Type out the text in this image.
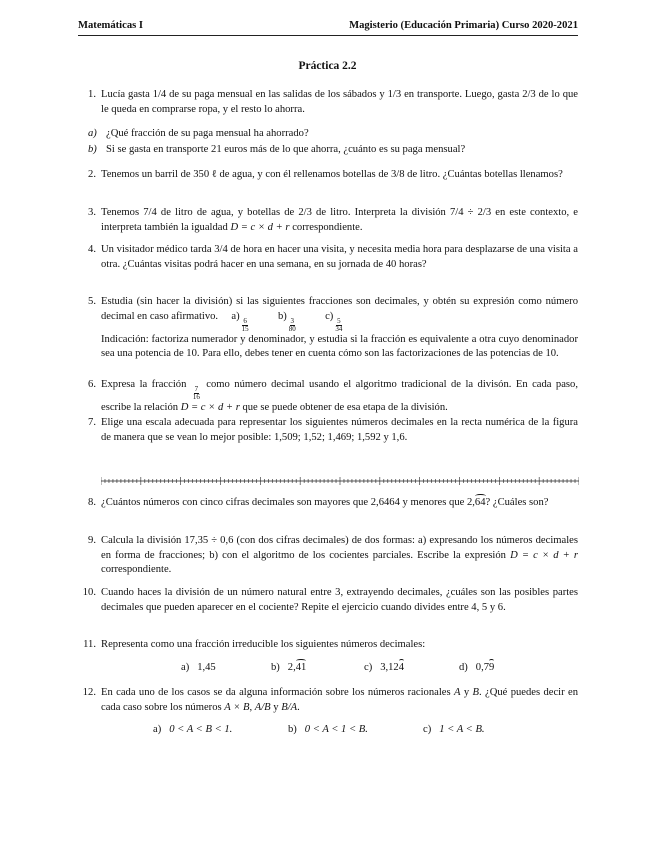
Matemáticas I	Magisterio (Educación Primaria) Curso 2020-2021
Práctica 2.2
1. Lucía gasta 1/4 de su paga mensual en las salidas de los sábados y 1/3 en transporte. Luego, gasta 2/3 de lo que le queda en comprarse ropa, y el resto lo ahorra.
a) ¿Qué fracción de su paga mensual ha ahorrado?
b) Si se gasta en transporte 21 euros más de lo que ahorra, ¿cuánto es su paga mensual?
2. Tenemos un barril de 350 ℓ de agua, y con él rellenamos botellas de 3/8 de litro. ¿Cuántas botellas llenamos?
3. Tenemos 7/4 de litro de agua, y botellas de 2/3 de litro. Interpreta la división 7/4 ÷ 2/3 en este contexto, e interpreta también la igualdad D = c × d + r correspondiente.
4. Un visitador médico tarda 3/4 de hora en hacer una visita, y necesita media hora para desplazarse de una visita a otra. ¿Cuántas visitas podrá hacer en una semana, en su jornada de 40 horas?
5. Estudia (sin hacer la división) si las siguientes fracciones son decimales, y obtén su expresión como número decimal en caso afirmativo. a)
$\frac{6}{15}$
b)
$\frac{3}{80}$
c)
$\frac{5}{34}$
Indicación: factoriza numerador y denominador, y estudia si la fracción es equivalente a otra cuyo denominador sea una potencia de 10. Para ello, debes tener en cuenta cómo son las factorizaciones de las potencias de 10.
6. Expresa la fracción
$\frac{7}{16}$
como número decimal usando el algoritmo tradicional de la divisón. En cada paso, escribe la relación D = c × d + r que se puede obtener de esa etapa de la división.
7. Elige una escala adecuada para representar los siguientes números decimales en la recta numérica de la figura de manera que se vean lo mejor posible: 1,509; 1,52; 1,469; 1,592 y 1,6.
8. ¿Cuántos números con cinco cifras decimales son mayores que 2,6464 y menores que 2,64? ¿Cuáles son?
9. Calcula la división 17,35 ÷ 0,6 (con dos cifras decimales) de dos formas: a) expresando los números decimales en forma de fracciones; b) con el algoritmo de los cocientes parciales. Escribe la expresión D = c × d + r correspondiente.
10. Cuando haces la división de un número natural entre 3, extrayendo decimales, ¿cuáles son las posibles partes decimales que pueden aparecer en el cociente? Repite el ejercicio cuando divides entre 4, 5 y 6.
11. Representa como una fracción irreducible los siguientes números decimales:
a) 1,45	b) 2,41	c) 3,124	d) 0,79
12. En cada uno de los casos se da alguna información sobre los números racionales A y B. ¿Qué puedes decir en cada caso sobre los números A × B, A/B y B/A.
a) 0 < A < B < 1.	b) 0 < A < 1 < B.	c) 1 < A < B.
